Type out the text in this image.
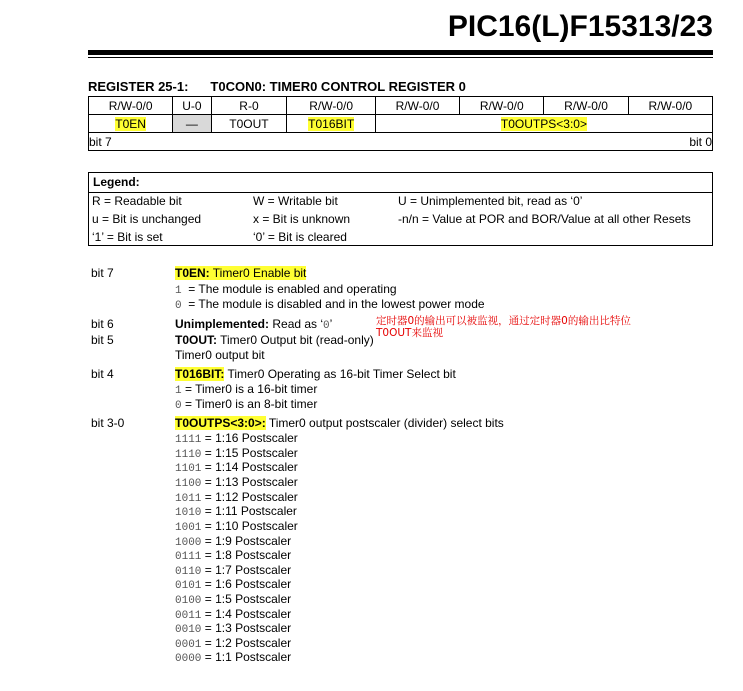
PIC16(L)F15313/23
REGISTER 25-1: T0CON0: TIMER0 CONTROL REGISTER 0
R/W-0/0	U-0	R-0	R/W-0/0	R/W-0/0	R/W-0/0	R/W-0/0	R/W-0/0
T0EN	—	T0OUT	T016BIT	T0OUTPS<3:0>			
bit 7							bit 0
Legend:
R = Readable bit	W = Writable bit	U = Unimplemented bit, read as ‘0’
u = Bit is unchanged	x = Bit is unknown	-n/n = Value at POR and BOR/Value at all other Resets
‘1’ = Bit is set	‘0’ = Bit is cleared
bit 7	T0EN: Timer0 Enable bit
1 = The module is enabled and operating
0 = The module is disabled and in the lowest power mode
bit 6	Unimplemented: Read as ‘0’	定时器0的输出可以被监视，通过定时器0的输出比特位T0OUT来监视
bit 5	T0OUT: Timer0 Output bit (read-only)
Timer0 output bit
bit 4	T016BIT: Timer0 Operating as 16-bit Timer Select bit
1 = Timer0 is a 16-bit timer
0 = Timer0 is an 8-bit timer
bit 3-0	T0OUTPS<3:0>: Timer0 output postscaler (divider) select bits
1111 = 1:16 Postscaler
1110 = 1:15 Postscaler
1101 = 1:14 Postscaler
1100 = 1:13 Postscaler
1011 = 1:12 Postscaler
1010 = 1:11 Postscaler
1001 = 1:10 Postscaler
1000 = 1:9 Postscaler
0111 = 1:8 Postscaler
0110 = 1:7 Postscaler
0101 = 1:6 Postscaler
0100 = 1:5 Postscaler
0011 = 1:4 Postscaler
0010 = 1:3 Postscaler
0001 = 1:2 Postscaler
0000 = 1:1 Postscaler
